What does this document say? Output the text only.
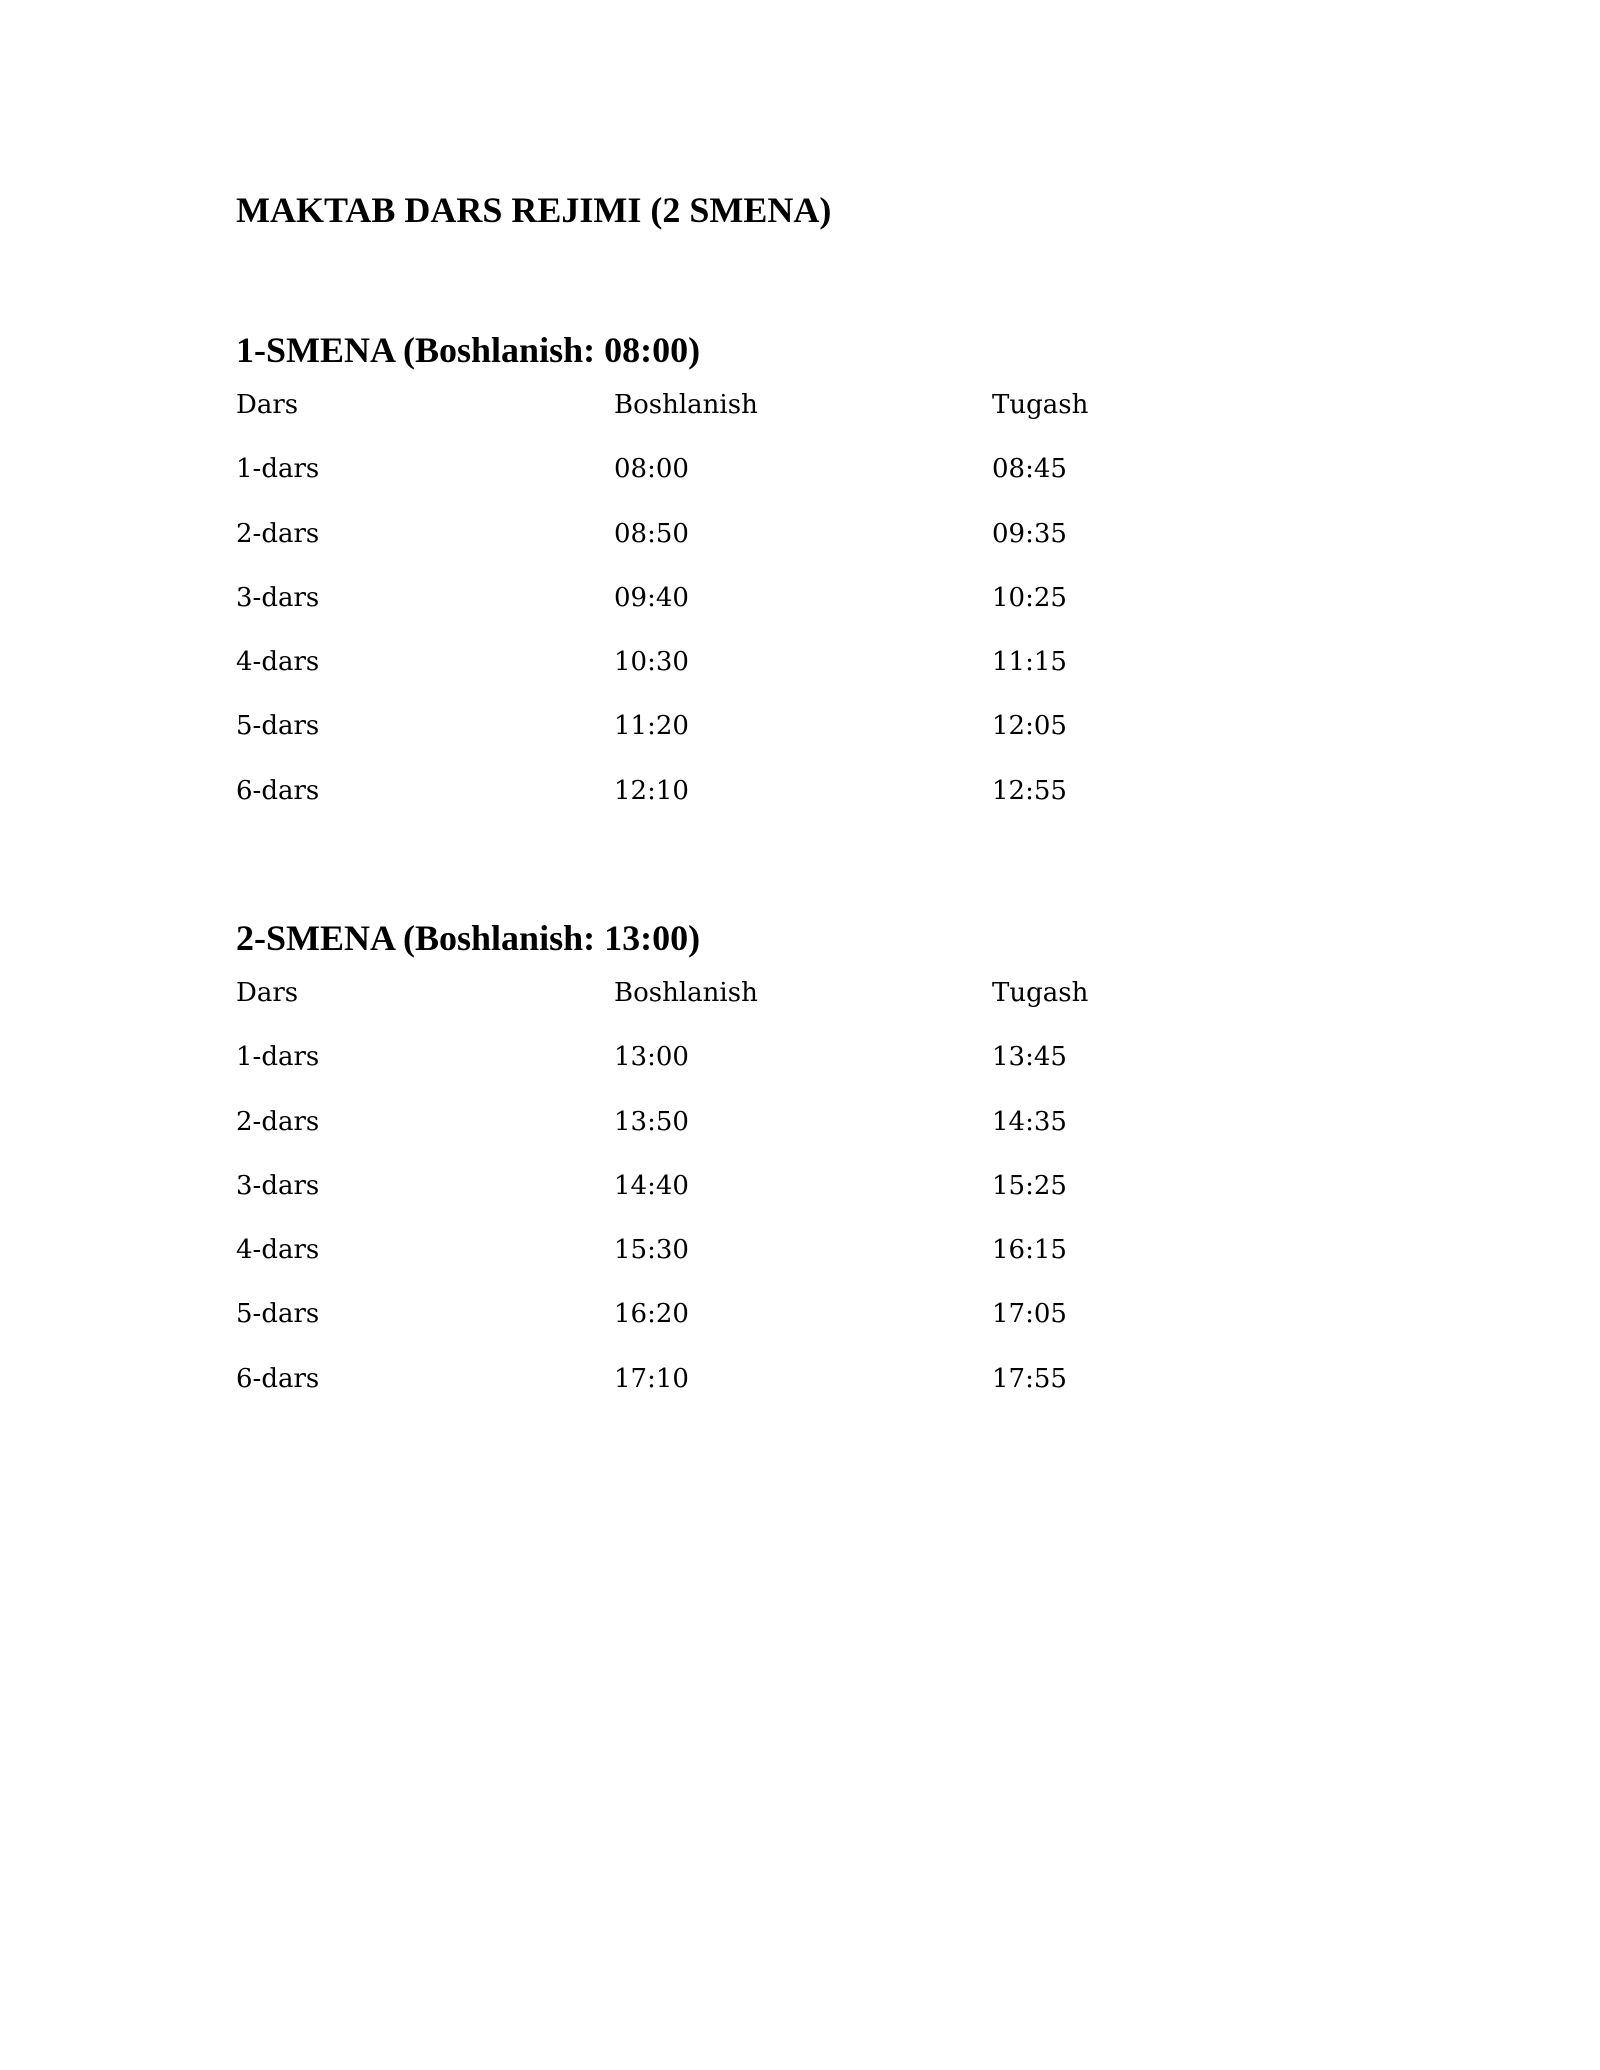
MAKTAB DARS REJIMI (2 SMENA)
1-SMENA (Boshlanish: 08:00)
Dars	Boshlanish	Tugash
1-dars	08:00	08:45
2-dars	08:50	09:35
3-dars	09:40	10:25
4-dars	10:30	11:15
5-dars	11:20	12:05
6-dars	12:10	12:55
2-SMENA (Boshlanish: 13:00)
Dars	Boshlanish	Tugash
1-dars	13:00	13:45
2-dars	13:50	14:35
3-dars	14:40	15:25
4-dars	15:30	16:15
5-dars	16:20	17:05
6-dars	17:10	17:55
